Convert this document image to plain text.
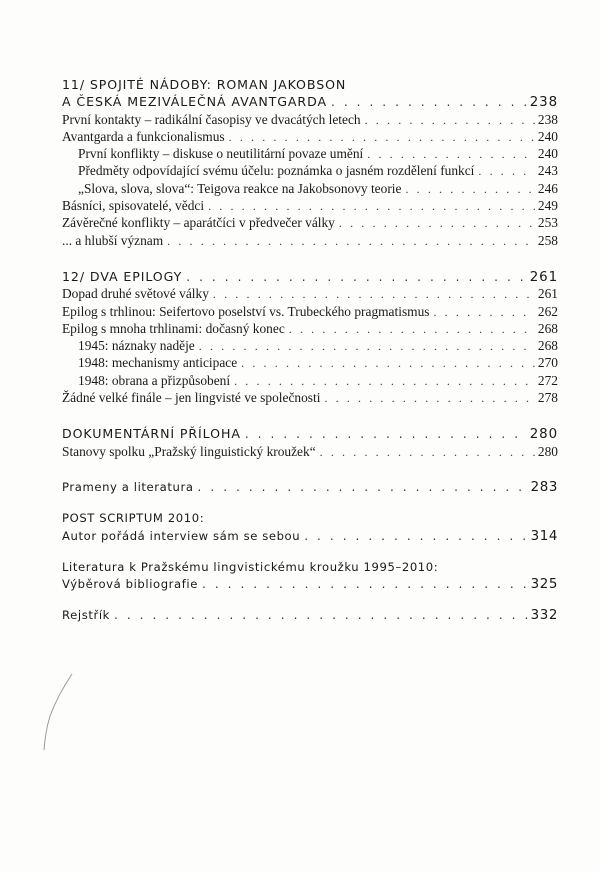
11/ SPOJITÉ NÁDOBY: ROMAN JAKOBSON
A ČESKÁ MEZIVÁLEČNÁ AVANTGARDA . . .	238
První kontakty – radikální časopisy ve dvacátých letech . . .	238
Avantgarda a funkcionalismus . . .	240
První konflikty – diskuse o neutilitární povaze umění . . .	240
Předměty odpovídající svému účelu: poznámka o jasném rozdělení funkcí . . .	243
„Slova, slova, slova“: Teigova reakce na Jakobsonovy teorie . . .	246
Básníci, spisovatelé, vědci . . .	249
Závěrečné konflikty – aparátčíci v předvečer války . . .	253
... a hlubší význam . . .	258
12/ DVA EPILOGY . . .	261
Dopad druhé světové války . . .	261
Epilog s trhlinou: Seifertovo poselství vs. Trubeckého pragmatismus . . .	262
Epilog s mnoha trhlinami: dočasný konec . . .	268
1945: náznaky naděje . . .	268
1948: mechanismy anticipace . . .	270
1948: obrana a přizpůsobení . . .	272
Žádné velké finále – jen lingvisté ve společnosti . . .	278
DOKUMENTÁRNÍ PŘÍLOHA . . .	280
Stanovy spolku „Pražský linguistický kroužek“ . . .	280
Prameny a literatura . . .	283
POST SCRIPTUM 2010:
Autor pořádá interview sám se sebou . . .	314
Literatura k Pražskému lingvistickému kroužku 1995–2010:
Výběrová bibliografie . . .	325
Rejstřík . . .	332
